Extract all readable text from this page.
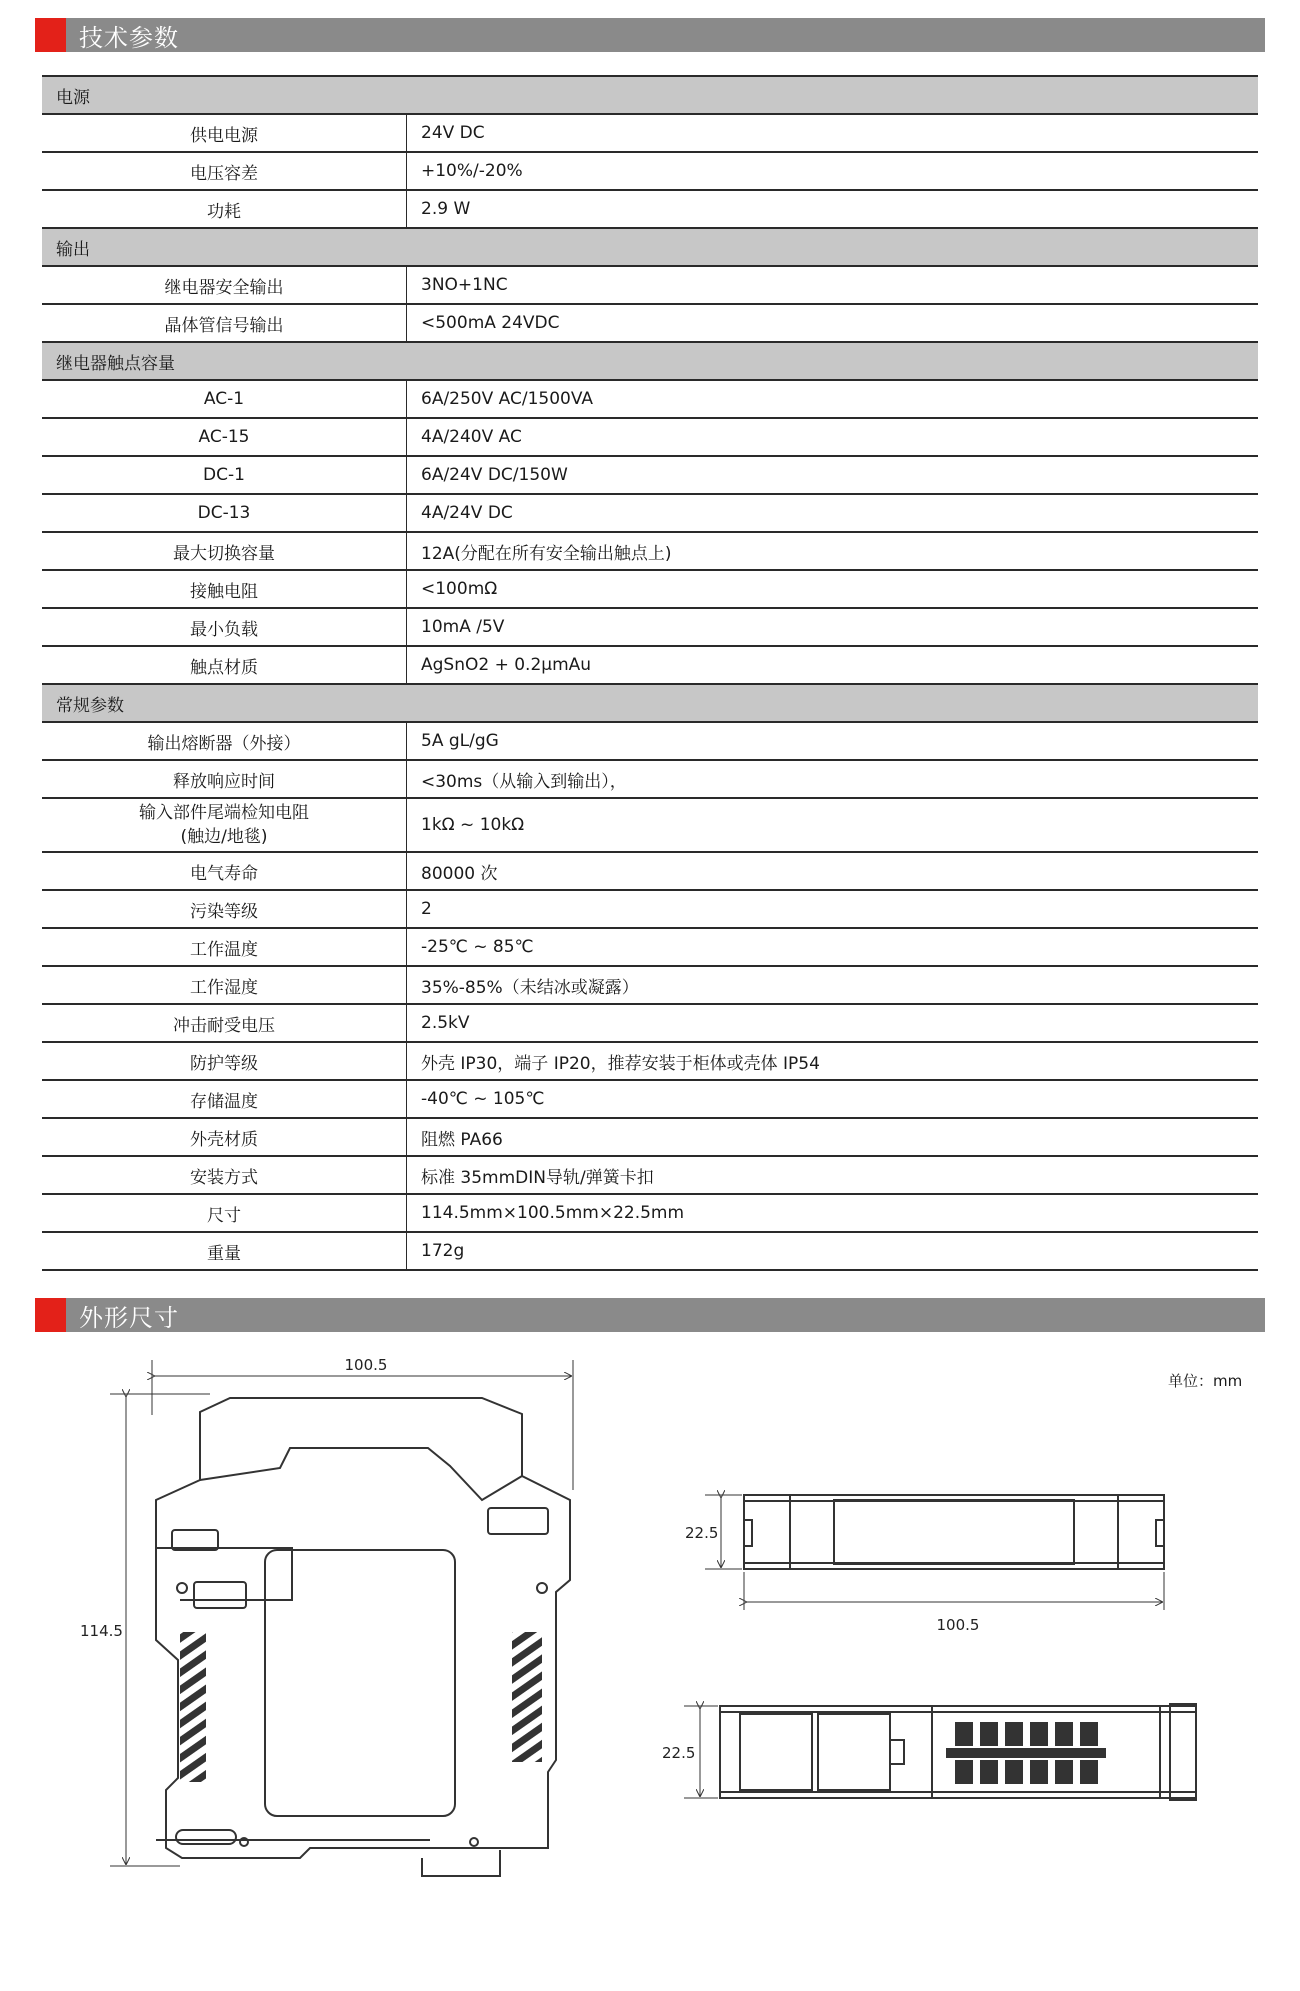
技术参数
电源	
供电电源	24V DC
电压容差	+10%/-20%
功耗	2.9 W
输出	
继电器安全输出	3NO+1NC
晶体管信号输出	<500mA 24VDC
继电器触点容量	
AC-1	6A/250V AC/1500VA
AC-15	4A/240V AC
DC-1	6A/24V DC/150W
DC-13	4A/24V DC
最大切换容量	12A(分配在所有安全输出触点上)
接触电阻	<100mΩ
最小负载	10mA /5V
触点材质	AgSnO2 + 0.2μmAu
常规参数	
输出熔断器（外接）	5A gL/gG
释放响应时间	<30ms（从输入到输出），
输入部件尾端检知电阻
(触边/地毯)	1kΩ ~ 10kΩ
电气寿命	80000 次
污染等级	2
工作温度	-25℃ ~ 85℃
工作湿度	35%-85%（未结冰或凝露）
冲击耐受电压	2.5kV
防护等级	外壳 IP30，端子 IP20，推荐安装于柜体或壳体 IP54
存储温度	-40℃ ~ 105℃
外壳材质	阻燃 PA66
安装方式	标准 35mmDIN导轨/弹簧卡扣
尺寸	114.5mm×100.5mm×22.5mm
重量	172g
外形尺寸
单位：mm
100.5
114.5
22.5
100.5
22.5
